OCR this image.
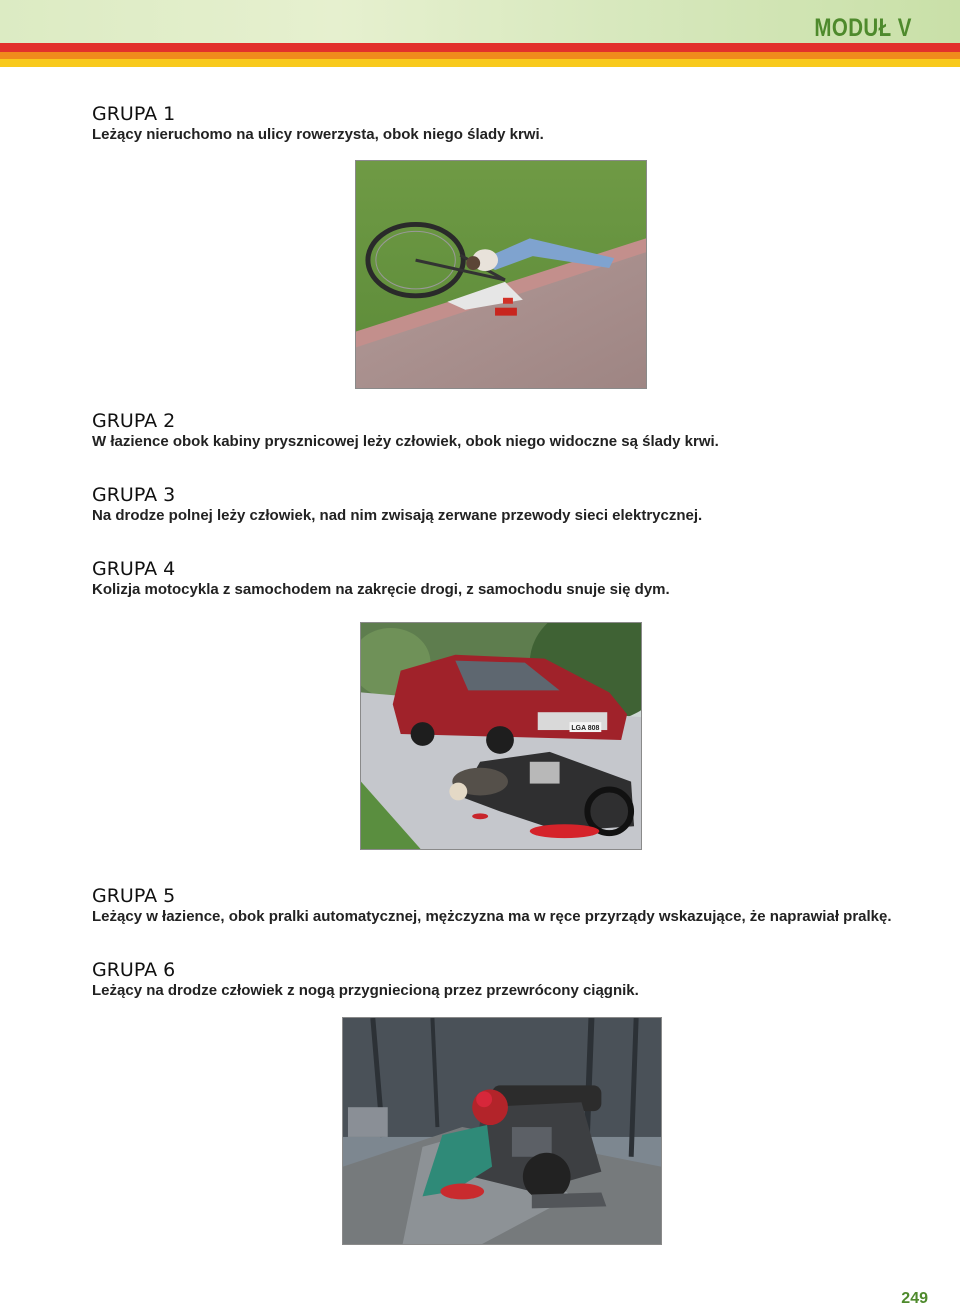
MODUŁ V
GRUPA 1

Leżący nieruchomo na ulicy rowerzysta, obok niego ślady krwi.

GRUPA 2

W łazience obok kabiny prysznicowej leży człowiek, obok niego widoczne są ślady krwi.

GRUPA 3

Na drodze polnej leży człowiek, nad nim zwisają zerwane przewody sieci elektrycznej.

GRUPA 4

Kolizja motocykla z samochodem na zakręcie drogi, z samochodu snuje się dym.

LGA 808
GRUPA 5

Leżący w łazience, obok pralki automatycznej, mężczyzna ma w ręce przyrządy wskazujące, że naprawiał pralkę.

GRUPA 6

Leżący na drodze człowiek z nogą przygniecioną przez przewrócony ciągnik.

249
